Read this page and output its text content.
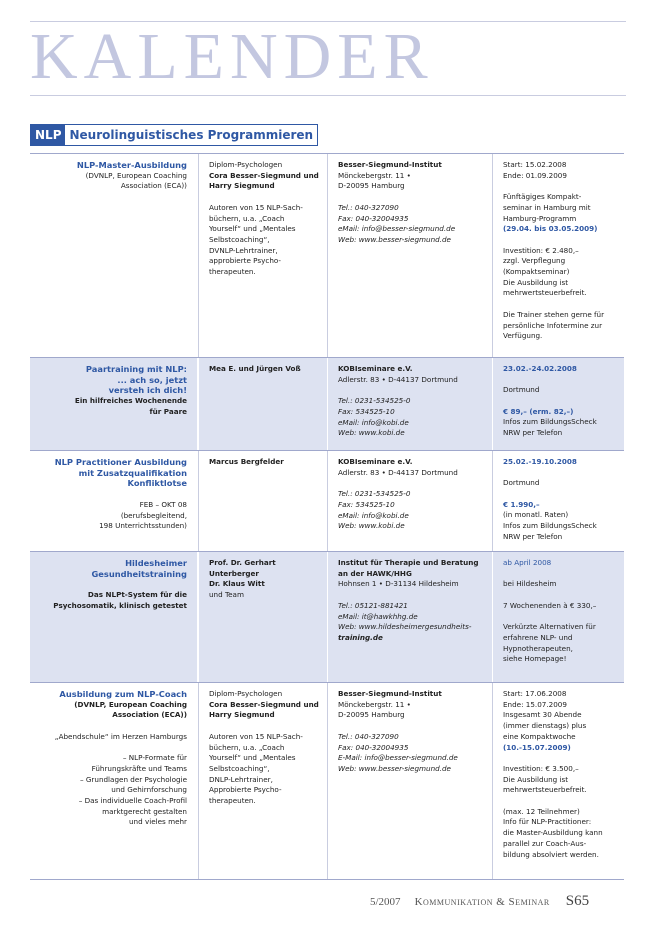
KALENDER
NLP Neurolinguistisches Programmieren
NLP-Master-Ausbildung
(DVNLP, European Coaching
Association (ECA))
Diplom-Psychologen
Cora Besser-Siegmund und
Harry Siegmund
Autoren von 15 NLP-Sach-
büchern, u.a. „Coach
Yourself“ und „Mentales
Selbstcoaching“,
DVNLP-Lehrtrainer,
approbierte Psycho-
therapeuten.
Besser-Siegmund-Institut
Mönckebergstr. 11 •
D-20095 Hamburg
Tel.: 040-327090
Fax: 040-32004935
eMail: info@besser-siegmund.de
Web: www.besser-siegmund.de
Start: 15.02.2008
Ende: 01.09.2009
Fünftägiges Kompakt-
seminar in Hamburg mit
Hamburg-Programm
(29.04. bis 03.05.2009)
Investition: € 2.480,–
zzgl. Verpflegung
(Kompaktseminar)
Die Ausbildung ist
mehrwertsteuerbefreit.
Die Trainer stehen gerne für
persönliche Infotermine zur
Verfügung.
Paartraining mit NLP:
... ach so, jetzt
versteh ich dich!
Ein hilfreiches Wochenende
für Paare
Mea E. und Jürgen Voß	KOBIseminare e.V.
Adlerstr. 83 • D-44137 Dortmund
Tel.: 0231-534525-0
Fax: 534525-10
eMail: info@kobi.de
Web: www.kobi.de
23.02.-24.02.2008
Dortmund
€ 89,– (erm. 82,–)
Infos zum BildungsScheck
NRW per Telefon
NLP Practitioner Ausbildung
mit Zusatzqualifikation
Konfliktlotse
FEB – OKT 08
(berufsbegleitend,
198 Unterrichtsstunden)
Marcus Bergfelder	KOBIseminare e.V.
Adlerstr. 83 • D-44137 Dortmund
Tel.: 0231-534525-0
Fax: 534525-10
eMail: info@kobi.de
Web: www.kobi.de
25.02.-19.10.2008
Dortmund
€ 1.990,–
(in monatl. Raten)
Infos zum BildungsScheck
NRW per Telefon
Hildesheimer
Gesundheitstraining
Das NLPt-System für die
Psychosomatik, klinisch getestet
Prof. Dr. Gerhart
Unterberger
Dr. Klaus Witt
und Team
Institut für Therapie und Beratung
an der HAWK/HHG
Hohnsen 1 • D-31134 Hildesheim
Tel.: 05121-881421
eMail: it@hawkhhg.de
Web: www.hildesheimergesundheits-
training.de
ab April 2008
bei Hildesheim
7 Wochenenden à € 330,–
Verkürzte Alternativen für
erfahrene NLP- und
Hypnotherapeuten,
siehe Homepage!
Ausbildung zum NLP-Coach
(DVNLP, European Coaching
Association (ECA))
„Abendschule“ im Herzen Hamburgs
– NLP-Formate für
Führungskräfte und Teams
– Grundlagen der Psychologie
und Gehirnforschung
– Das individuelle Coach-Profil
marktgerecht gestalten
und vieles mehr
Diplom-Psychologen
Cora Besser-Siegmund und
Harry Siegmund
Autoren von 15 NLP-Sach-
büchern, u.a. „Coach
Yourself“ und „Mentales
Selbstcoaching“,
DNLP-Lehrtrainer,
Approbierte Psycho-
therapeuten.
Besser-Siegmund-Institut
Mönckebergstr. 11 •
D-20095 Hamburg
Tel.: 040-327090
Fax: 040-32004935
E-Mail: info@besser-siegmund.de
Web: www.besser-siegmund.de
Start: 17.06.2008
Ende: 15.07.2009
Insgesamt 30 Abende
(immer dienstags) plus
eine Kompaktwoche
(10.-15.07.2009)
Investition: € 3.500,–
Die Ausbildung ist
mehrwertsteuerbefreit.
(max. 12 Teilnehmer)
Info für NLP-Practitioner:
die Master-Ausbildung kann
parallel zur Coach-Aus-
bildung absolviert werden.
5/2007 Kommunikation & Seminar S65
